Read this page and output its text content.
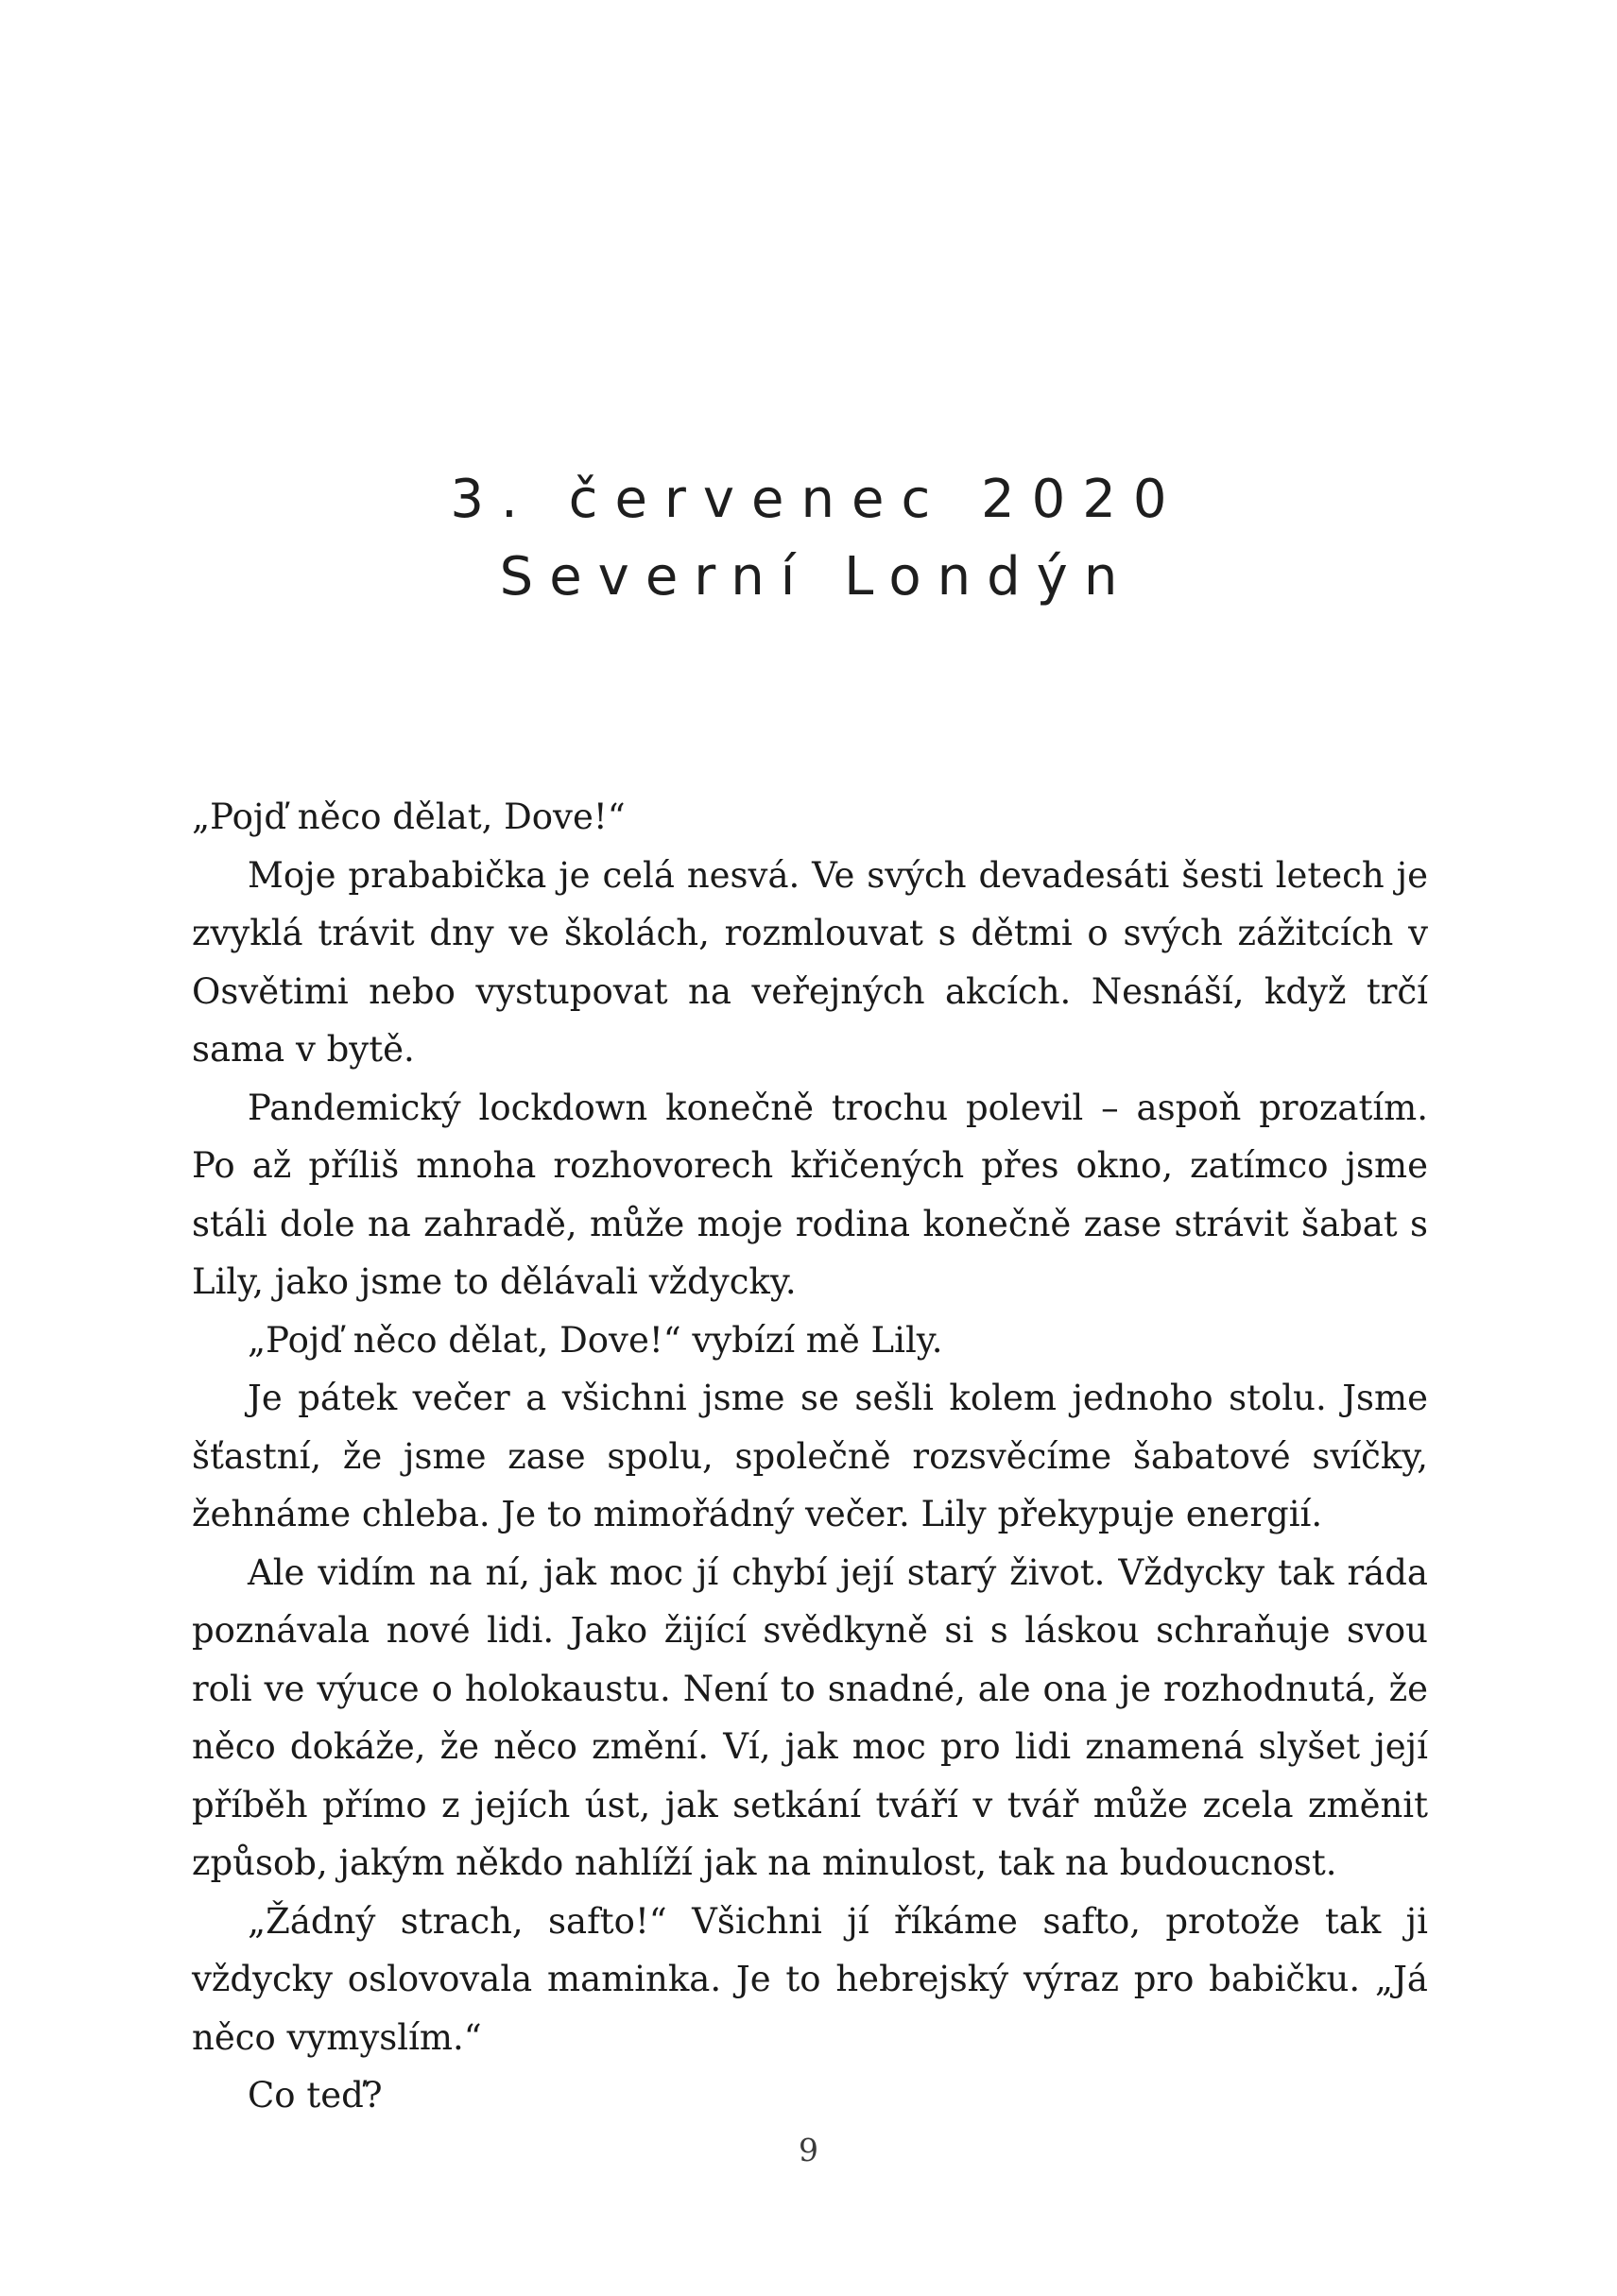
3. červenec 2020
Severní Londýn

„Pojď něco dělat, Dove!“

Moje prababička je celá nesvá. Ve svých devadesáti šesti letech je zvyklá trávit dny ve školách, rozmlouvat s dětmi o svých zážitcích v Osvětimi nebo vystupovat na veřejných akcích. Nesnáší, když trčí sama v bytě.

Pandemický lockdown konečně trochu polevil – aspoň prozatím. Po až příliš mnoha rozhovorech křičených přes okno, zatímco jsme stáli dole na zahradě, může moje rodina konečně zase strávit šabat s Lily, jako jsme to dělávali vždycky.

„Pojď něco dělat, Dove!“ vybízí mě Lily.

Je pátek večer a všichni jsme se sešli kolem jednoho stolu. Jsme šťastní, že jsme zase spolu, společně rozsvěcíme šabatové svíčky, žehnáme chleba. Je to mimořádný večer. Lily překypuje energií.

Ale vidím na ní, jak moc jí chybí její starý život. Vždycky tak ráda poznávala nové lidi. Jako žijící svědkyně si s láskou schraňuje svou roli ve výuce o holokaustu. Není to snadné, ale ona je rozhodnutá, že něco dokáže, že něco změní. Ví, jak moc pro lidi znamená slyšet její příběh přímo z jejích úst, jak setkání tváří v tvář může zcela změnit způsob, jakým někdo nahlíží jak na minulost, tak na budoucnost.

„Žádný strach, safto!“ Všichni jí říkáme safto, protože tak ji vždycky oslovovala maminka. Je to hebrejský výraz pro babičku. „Já něco vymyslím.“

Co teď?

9
